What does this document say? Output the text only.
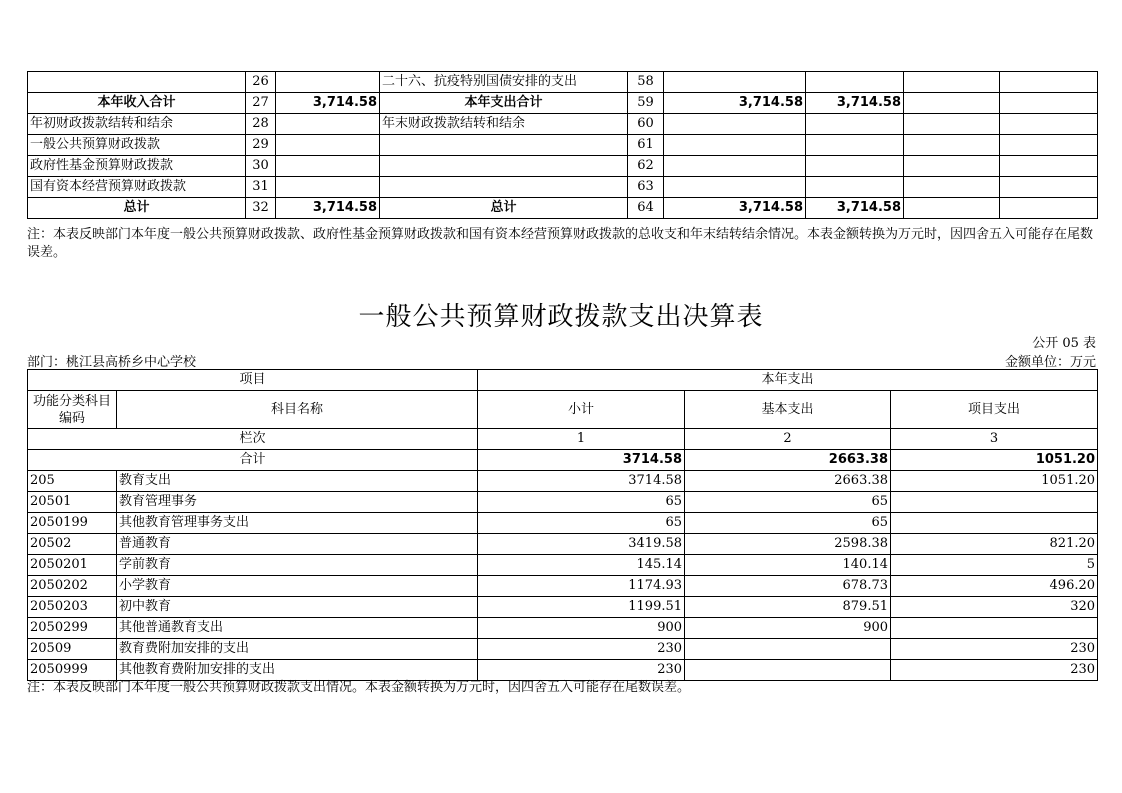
	26		二十六、抗疫特别国债安排的支出	58				
本年收入合计	27	3,714.58	本年支出合计	59	3,714.58	3,714.58		
年初财政拨款结转和结余	28		年末财政拨款结转和结余	60				
一般公共预算财政拨款	29			61				
政府性基金预算财政拨款	30			62				
国有资本经营预算财政拨款	31			63				
总计	32	3,714.58	总计	64	3,714.58	3,714.58		
注：本表反映部门本年度一般公共预算财政拨款、政府性基金预算财政拨款和国有资本经营预算财政拨款的总收支和年末结转结余情况。本表金额转换为万元时，因四舍五入可能存在尾数误差。
一般公共预算财政拨款支出决算表
公开 05 表
部门：桃江县高桥乡中心学校	金额单位：万元
项目		本年支出		
功能分类科目编码	科目名称	小计	基本支出	项目支出
栏次		1	2	3
合计		3714.58	2663.38	1051.20
205	教育支出	3714.58	2663.38	1051.20
20501	教育管理事务	65	65	
2050199	其他教育管理事务支出	65	65	
20502	普通教育	3419.58	2598.38	821.20
2050201	学前教育	145.14	140.14	5
2050202	小学教育	1174.93	678.73	496.20
2050203	初中教育	1199.51	879.51	320
2050299	其他普通教育支出	900	900	
20509	教育费附加安排的支出	230		230
2050999	其他教育费附加安排的支出	230		230
注：本表反映部门本年度一般公共预算财政拨款支出情况。本表金额转换为万元时，因四舍五入可能存在尾数误差。
